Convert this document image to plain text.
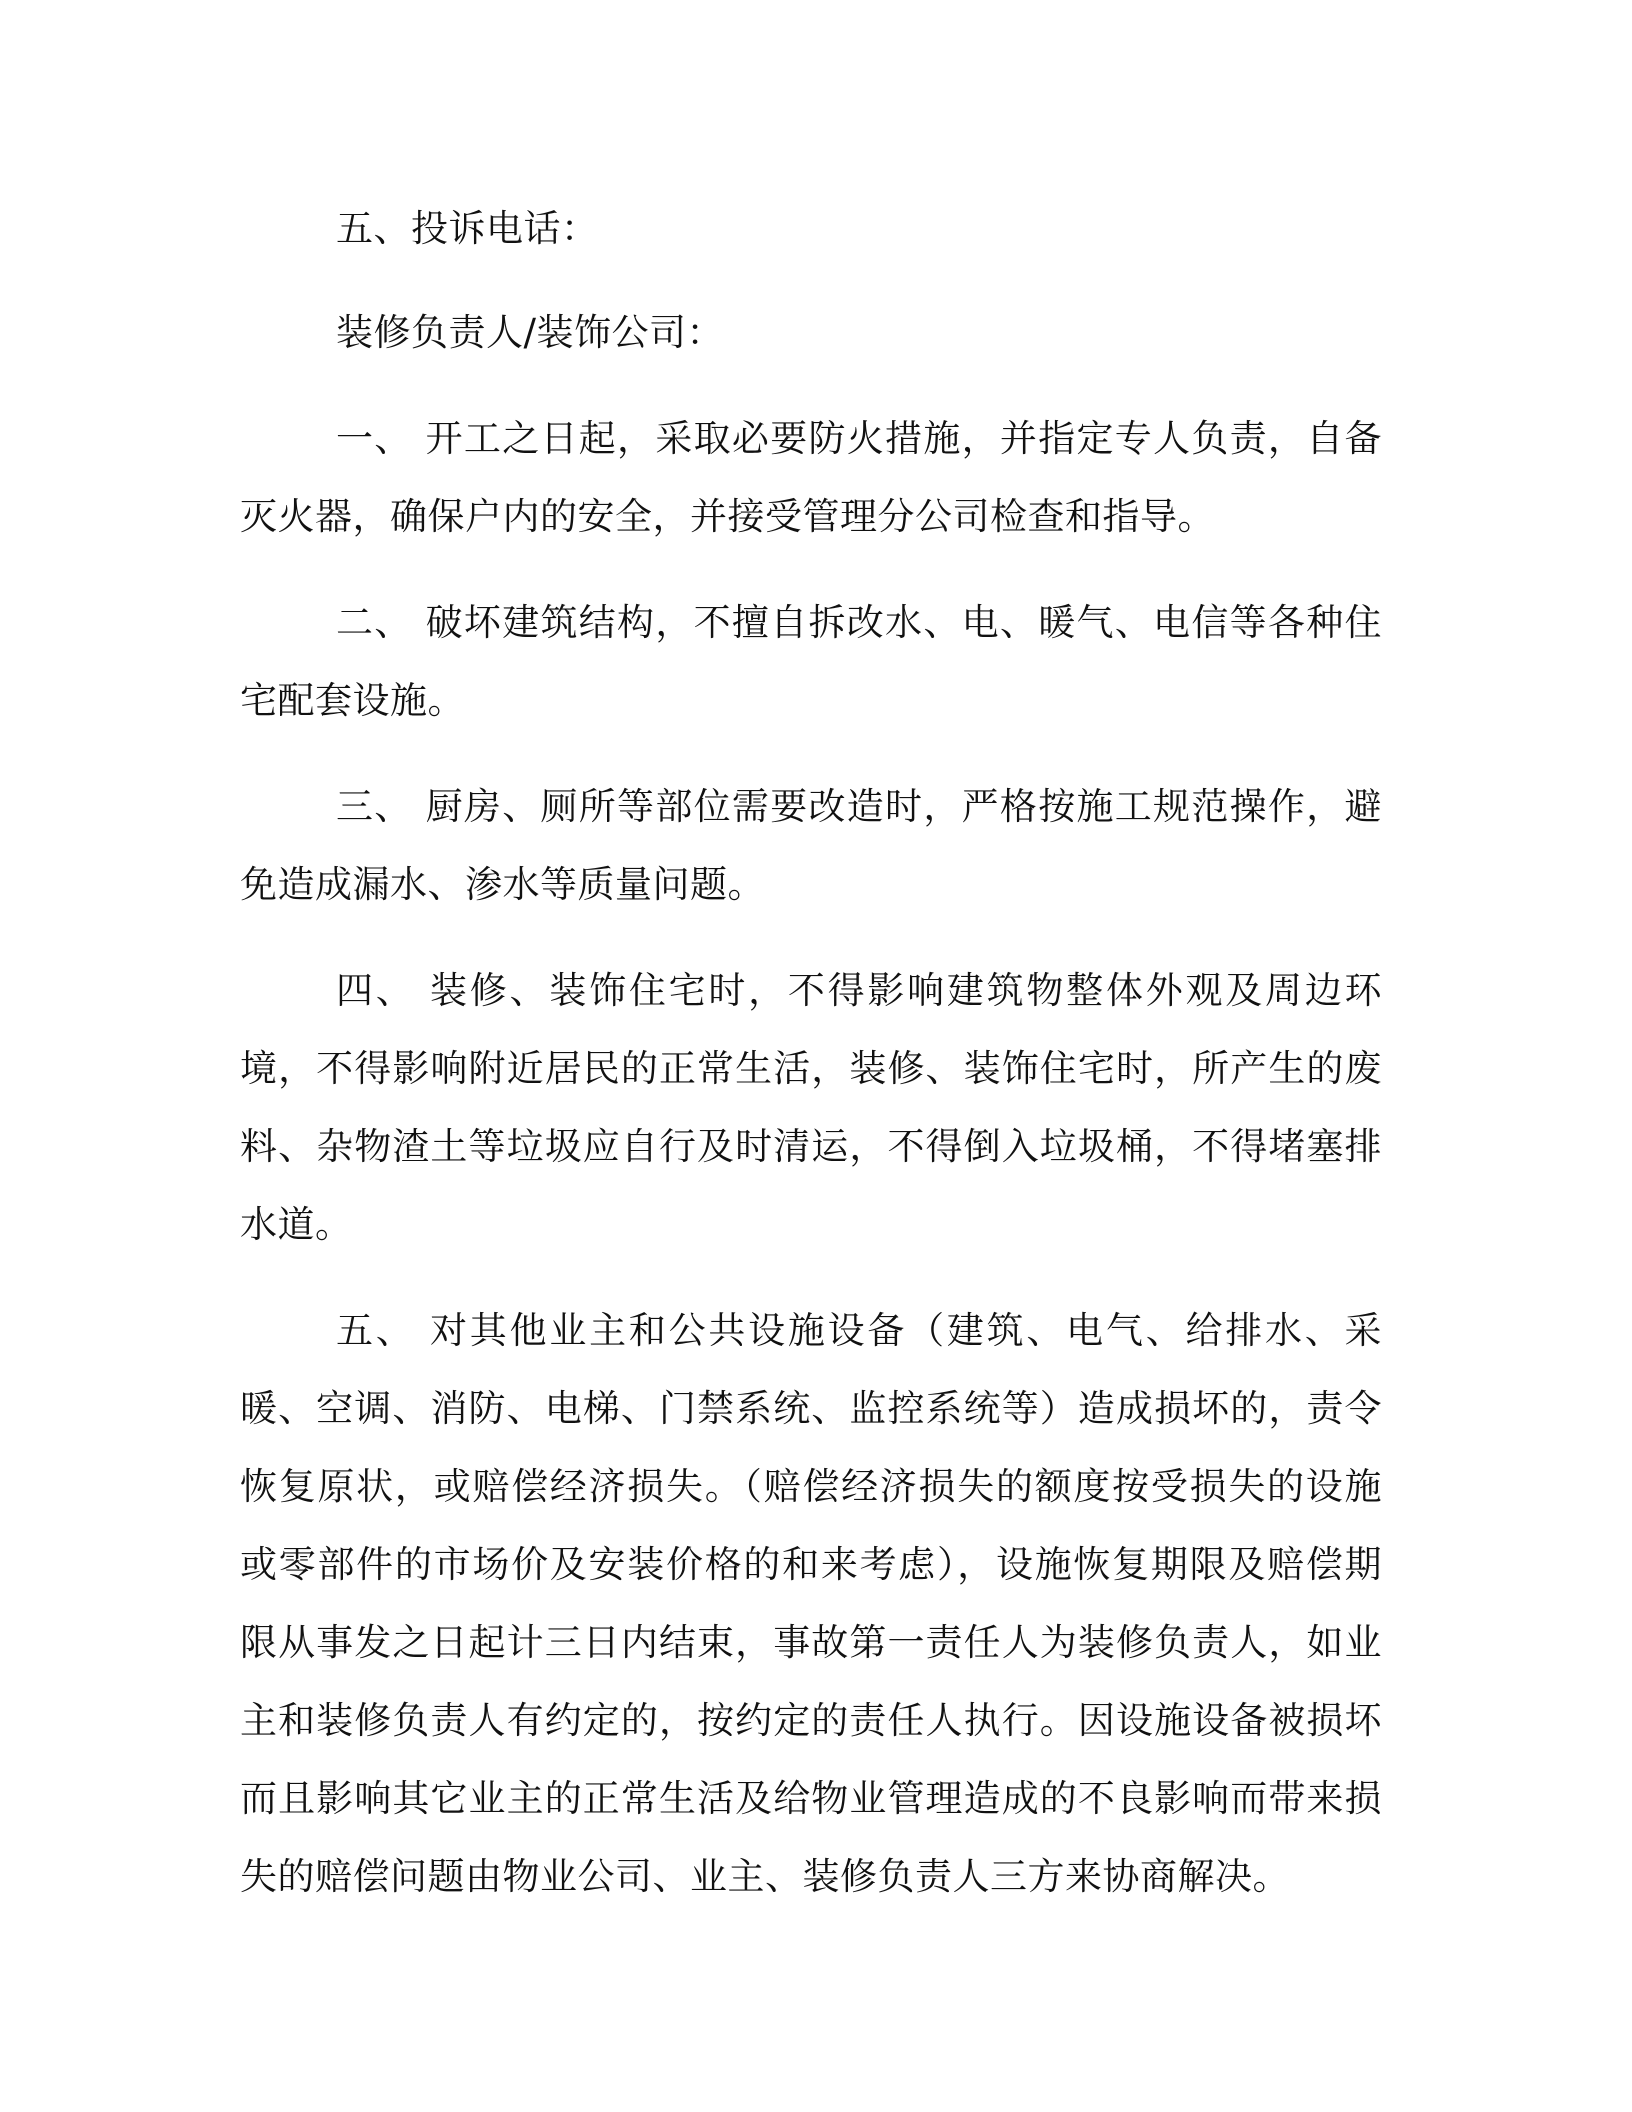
五、投诉电话：

装修负责人/装饰公司：

一、 开工之日起，采取必要防火措施，并指定专人负责，自备灭火器，确保户内的安全，并接受管理分公司检查和指导。

二、 破坏建筑结构，不擅自拆改水、电、暖气、电信等各种住宅配套设施。

三、 厨房、厕所等部位需要改造时，严格按施工规范操作，避免造成漏水、渗水等质量问题。

四、 装修、装饰住宅时，不得影响建筑物整体外观及周边环境，不得影响附近居民的正常生活，装修、装饰住宅时，所产生的废料、杂物渣土等垃圾应自行及时清运，不得倒入垃圾桶，不得堵塞排水道。

五、 对其他业主和公共设施设备（建筑、电气、给排水、采暖、空调、消防、电梯、门禁系统、监控系统等）造成损坏的，责令恢复原状，或赔偿经济损失。（赔偿经济损失的额度按受损失的设施或零部件的市场价及安装价格的和来考虑），设施恢复期限及赔偿期限从事发之日起计三日内结束，事故第一责任人为装修负责人，如业主和装修负责人有约定的，按约定的责任人执行。因设施设备被损坏而且影响其它业主的正常生活及给物业管理造成的不良影响而带来损失的赔偿问题由物业公司、业主、装修负责人三方来协商解决。
